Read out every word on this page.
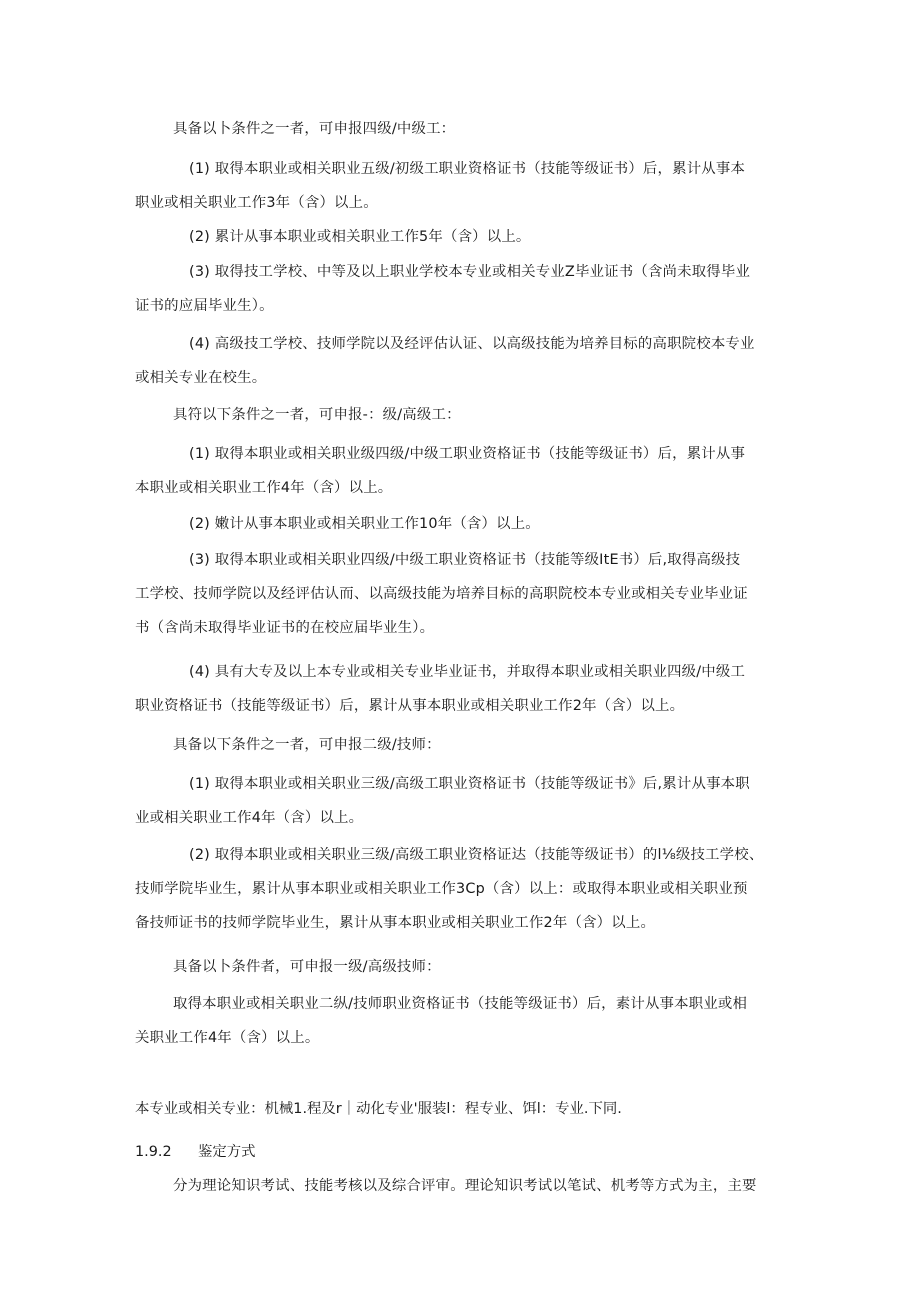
具备以卜条件之一者，可申报四级/中级工：
(1) 取得本职业或相关职业五级/初级工职业资格证书（技能等级证书）后，累计从事本
职业或相关职业工作3年（含）以上。
(2) 累计从事本职业或相关职业工作5年（含）以上。
(3) 取得技工学校、中等及以上职业学校本专业或相关专业Z毕业证书（含尚未取得毕业
证书的应届毕业生）。
(4) 高级技工学校、技师学院以及经评估认证、以高级技能为培养目标的高职院校本专业
或相关专业在校生。
具符以下条件之一者，可申报-：级/高级工：
(1) 取得本职业或相关职业级四级/中级工职业资格证书（技能等级证书）后，累计从事
本职业或相关职业工作4年（含）以上。
(2) 嫩计从事本职业或相关职业工作10年（含）以上。
(3) 取得本职业或相关职业四级/中级工职业资格证书（技能等级ItE书）后,取得高级技
工学校、技师学院以及经评估认而、以高级技能为培养目标的高职院校本专业或相关专业毕业证
书（含尚未取得毕业证书的在校应届毕业生）。
(4) 具有大专及以上本专业或相关专业毕业证书，并取得本职业或相关职业四级/中级工
职业资格证书（技能等级证书）后，累计从事本职业或相关职业工作2年（含）以上。
具备以下条件之一者，可申报二级/技师：
(1) 取得本职业或相关职业三级/高级工职业资格证书（技能等级证书》后,累计从事本职
业或相关职业工作4年（含）以上。
(2) 取得本职业或相关职业三级/高级工职业资格证达（技能等级证书）的l⅛级技工学校、
技师学院毕业生，累计从事本职业或相关职业工作3Cp（含）以上：或取得本职业或相关职业预
备技师证书的技师学院毕业生，累计从事本职业或相关职业工作2年（含）以上。
具备以卜条件者，可申报一级/高级技师：
取得本职业或相关职业二纵/技师职业资格证书（技能等级证书）后，素计从事本职业或相
关职业工作4年（含）以上。
本专业或相关专业：机械1.程及r｜动化专业'服装l：程专业、饵l：专业.下同.
1.9.2 鉴定方式
分为理论知识考试、技能考核以及综合评审。理论知识考试以笔试、机考等方式为主，主要
